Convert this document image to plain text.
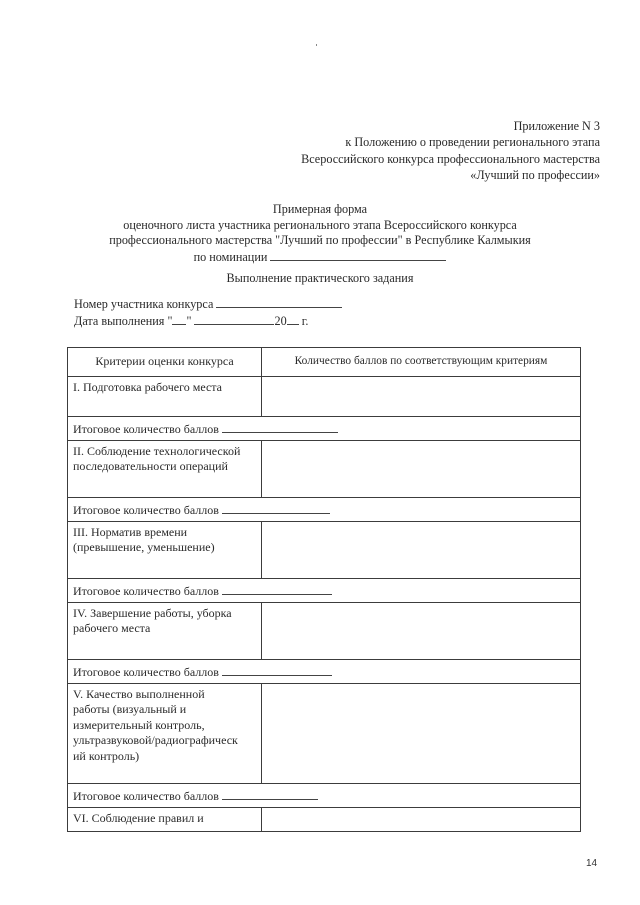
Приложение N 3
к Положению о проведении регионального этапа
Всероссийского конкурса профессионального мастерства
«Лучший по профессии»
Примерная форма
оценочного листа участника регионального этапа Всероссийского конкурса
профессионального мастерства "Лучший по профессии" в Республике Калмыкия
по номинации
Выполнение практического задания
Номер участника конкурса
Дата выполнения " "	20 г.
Критерии оценки конкурса	Количество баллов по соответствующим критериям

I. Подготовка рабочего места	

Итоговое количество баллов	

II. Соблюдение технологической
последовательности операций	

Итоговое количество баллов	

III. Норматив времени
(превышение, уменьшение)	

Итоговое количество баллов	

IV. Завершение работы, уборка
рабочего места	

Итоговое количество баллов	

V. Качество выполненной
работы (визуальный и
измерительный контроль,
ультразвуковой/радиографическ
ий контроль)	

Итоговое количество баллов	

VI. Соблюдение правил и	

14
